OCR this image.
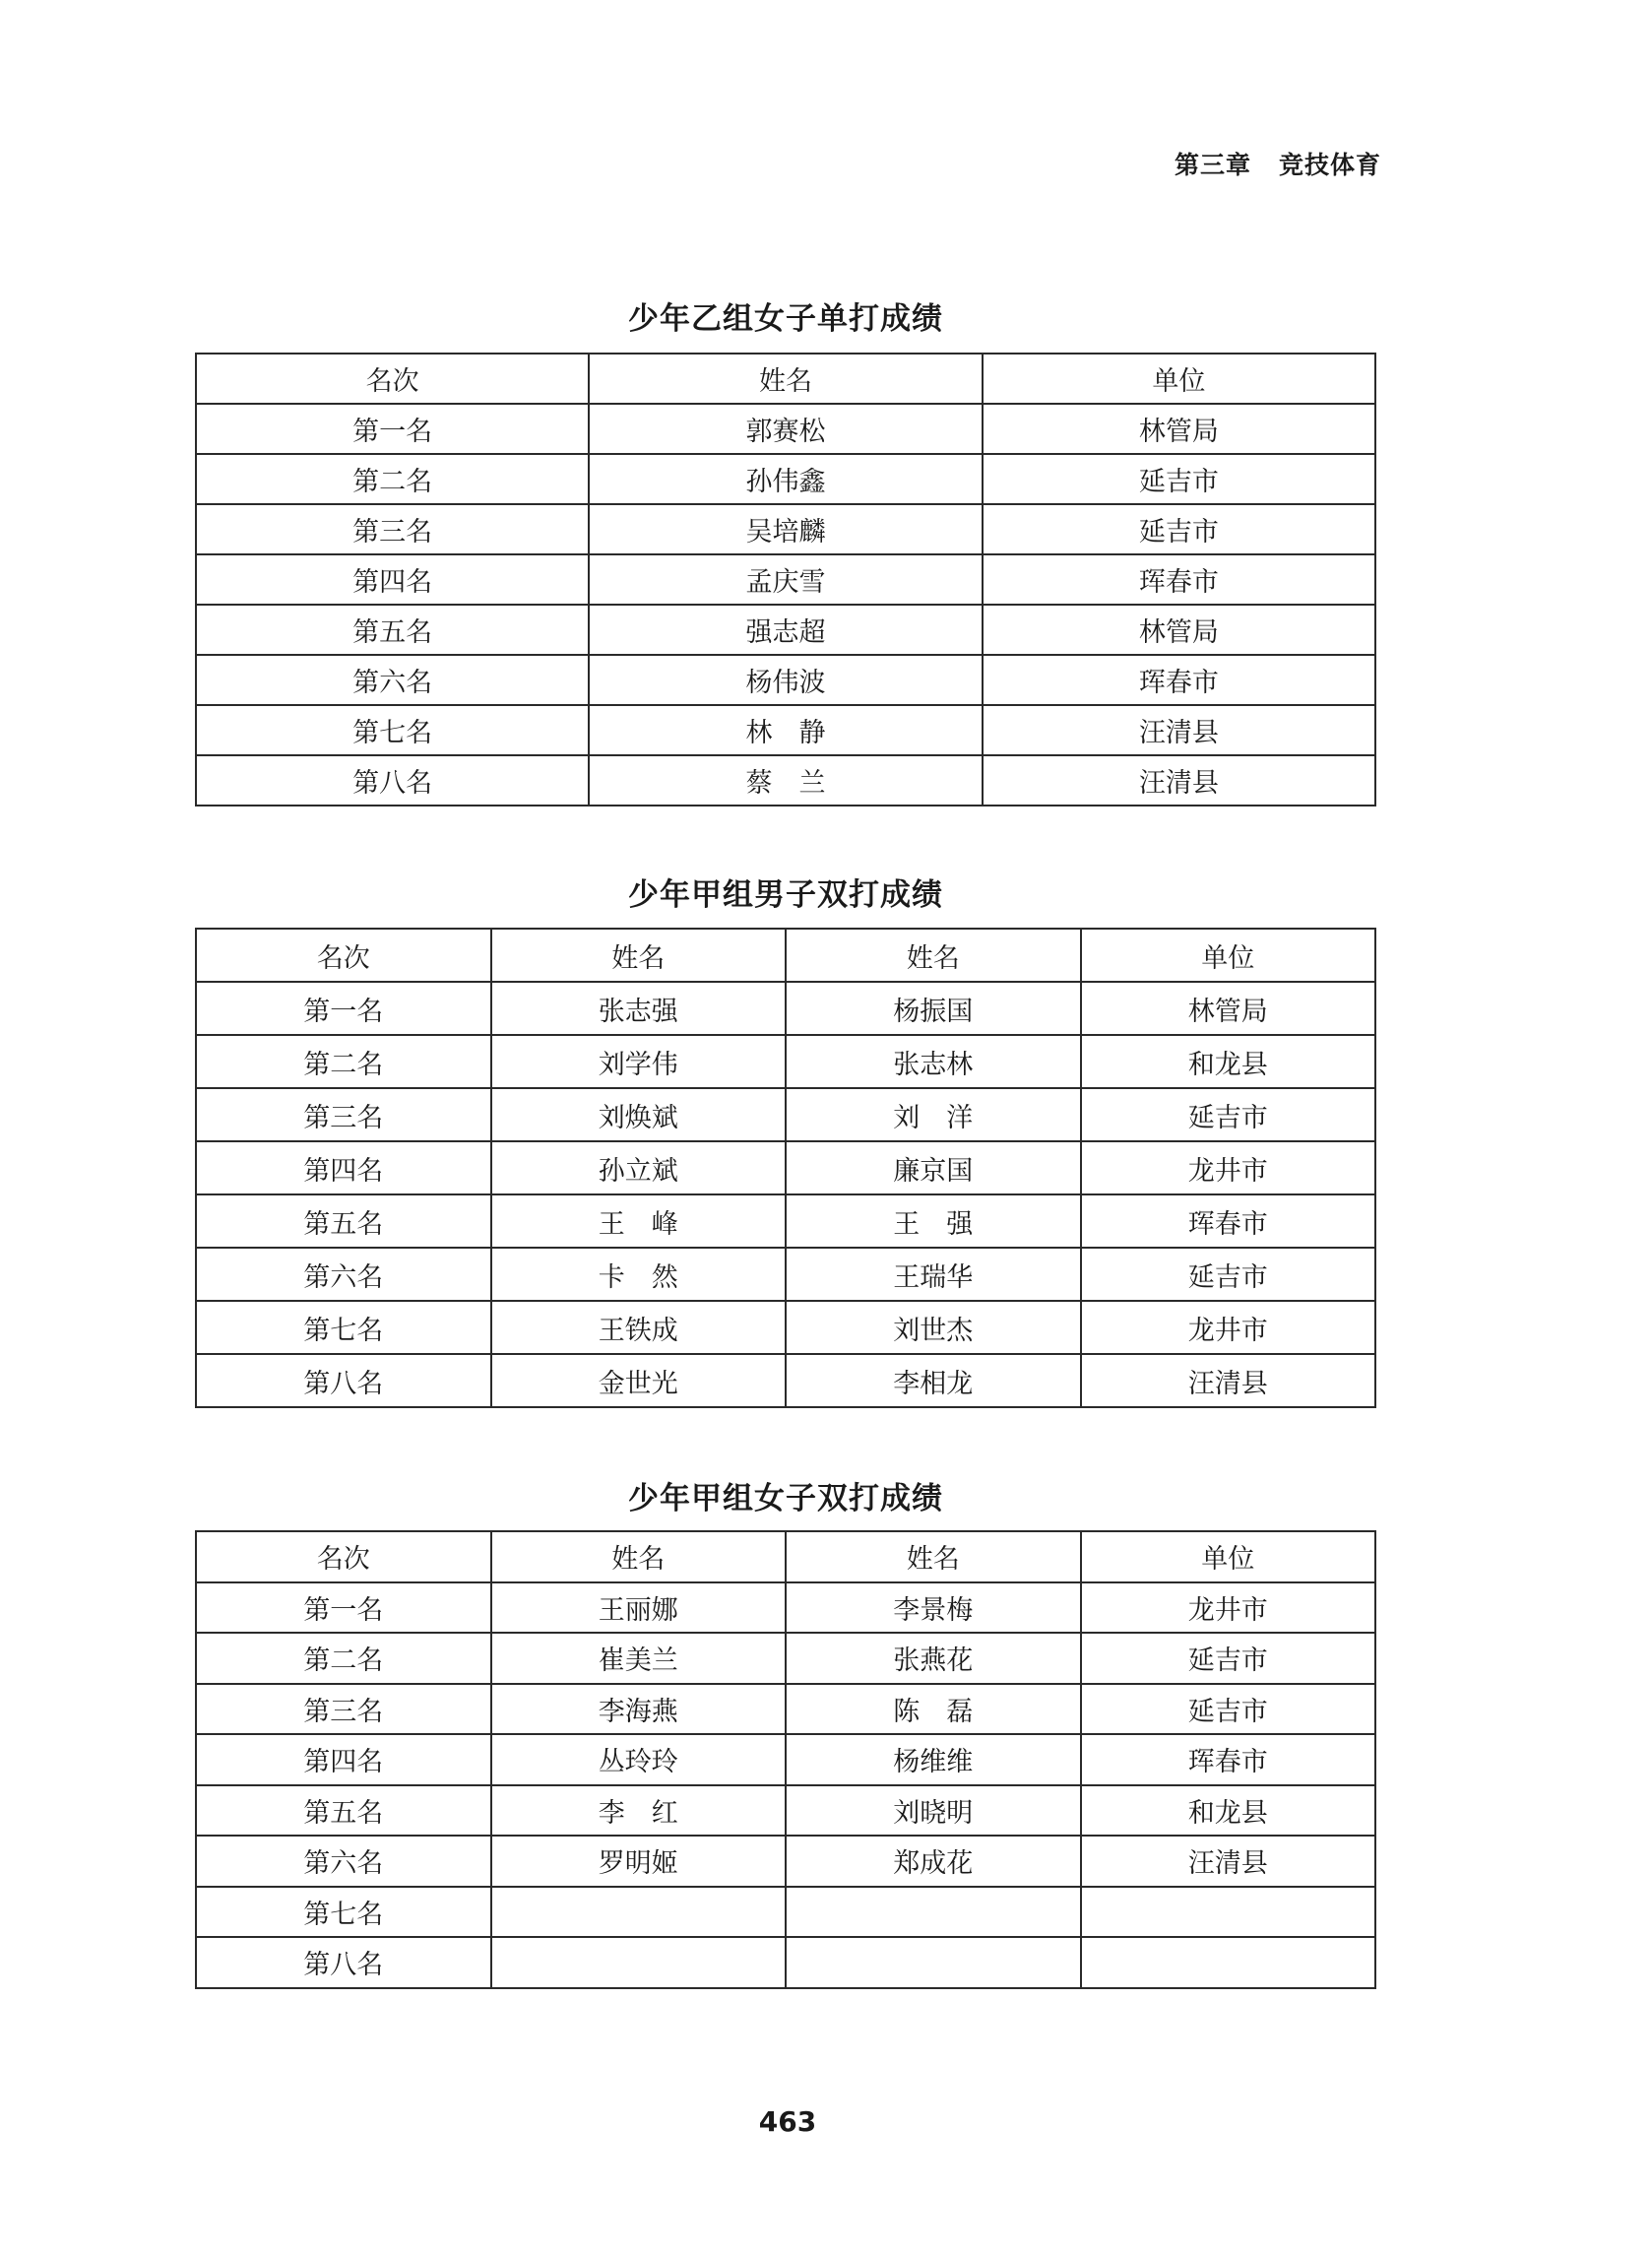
第三章 竞技体育
少年乙组女子单打成绩
名次	姓名	单位
第一名	郭赛松	林管局
第二名	孙伟鑫	延吉市
第三名	吴培麟	延吉市
第四名	孟庆雪	珲春市
第五名	强志超	林管局
第六名	杨伟波	珲春市
第七名	林　静	汪清县
第八名	蔡　兰	汪清县
少年甲组男子双打成绩
名次	姓名	姓名	单位
第一名	张志强	杨振国	林管局
第二名	刘学伟	张志林	和龙县
第三名	刘焕斌	刘　洋	延吉市
第四名	孙立斌	廉京国	龙井市
第五名	王　峰	王　强	珲春市
第六名	卡　然	王瑞华	延吉市
第七名	王铁成	刘世杰	龙井市
第八名	金世光	李相龙	汪清县
少年甲组女子双打成绩
名次	姓名	姓名	单位
第一名	王丽娜	李景梅	龙井市
第二名	崔美兰	张燕花	延吉市
第三名	李海燕	陈　磊	延吉市
第四名	丛玲玲	杨维维	珲春市
第五名	李　红	刘晓明	和龙县
第六名	罗明姬	郑成花	汪清县
第七名			
第八名			
463
